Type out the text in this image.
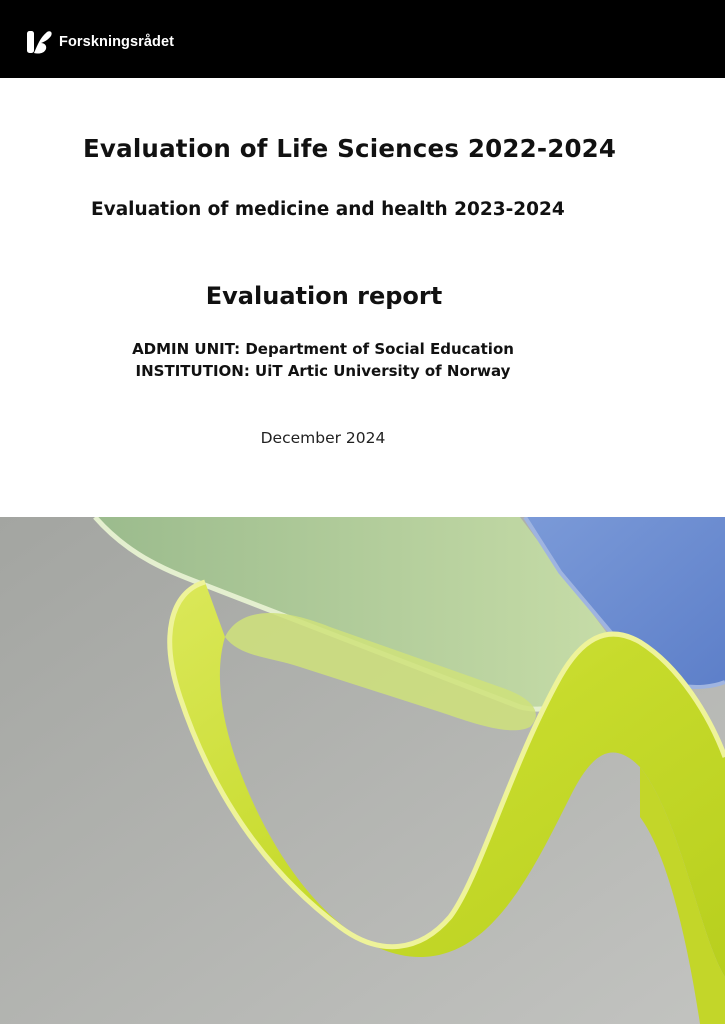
Forskningsrådet
Evaluation of Life Sciences 2022-2024
Evaluation of medicine and health 2023-2024
Evaluation report
ADMIN UNIT: Department of Social Education
INSTITUTION: UiT Artic University of Norway
December 2024
